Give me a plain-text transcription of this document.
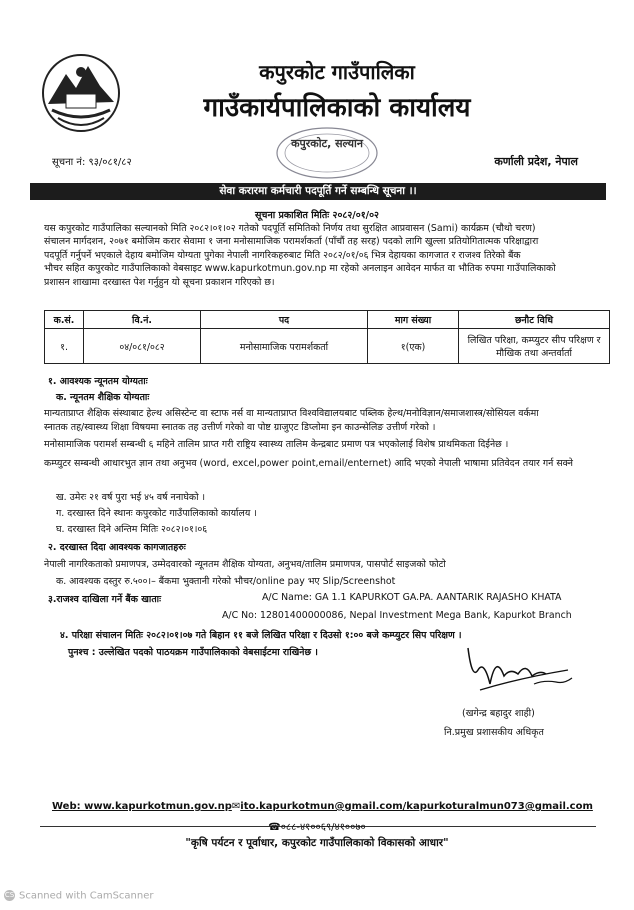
कपुरकोट गाउँपालिका
गाउँकार्यपालिकाको कार्यालय
कपुरकोट, सल्यान
सूचना नं: ९३/०८१/८२	कर्णाली प्रदेश, नेपाल
सेवा करारमा कर्मचारी पदपूर्ति गर्ने सम्बन्धि सूचना ।।
सूचना प्रकाशित मितिः २०८२/०१/०२
यस कपुरकोट गाउँपालिका सल्यानको मिति २०८२।०१।०२ गतेको पदपूर्ति समितिको निर्णय तथा सुरक्षित आप्रवासन (Sami) कार्यक्रम (चौथो चरण)
संचालन मार्गदशन, २०७१ बमोजिम करार सेवामा १ जना मनोसामाजिक परामर्शकर्ता (पाँचौं तह सरह) पदको लागि खुल्ला प्रतियोगितात्मक परिक्षाद्वारा
पदपूर्ति गर्नुपर्ने भएकाले देहाय बमोजिम योग्यता पुगेका नेपाली नागरिकहरुबाट मिति २०८२/०१/०६ भित्र देहायका कागजात र राजश्व तिरेको बैंक
भौचर सहित कपुरकोट गाउँपालिकाको वेबसाइट www.kapurkotmun.gov.np मा रहेको अनलाइन आवेदन मार्फत वा भौतिक रुपमा गाउँपालिकाको
प्रशासन शाखामा दरखास्त पेश गर्नुहुन यो सूचना प्रकाशन गरिएको छ।
क.सं.	वि.नं.	पद	माग संख्या	छनौट विधि
१.	०४/०८१/०८२	मनोसामाजिक परामर्शकर्ता	१(एक)	लिखित परिक्षा, कम्प्युटर सीप परिक्षण र मौखिक तथा अन्तर्वार्ता
१. आवश्यक न्यूनतम योग्यताः
क. न्यूनतम शैक्षिक योग्यताः
मान्यताप्राप्त शैक्षिक संस्थाबाट हेल्थ असिस्टेन्ट वा स्टाफ नर्स वा मान्यताप्राप्त विश्वविद्यालयबाट पब्लिक हेल्थ/मनोविज्ञान/समाजशास्त्र/सोसियल वर्कमा
स्नातक तह/स्वास्थ्य शिक्षा विषयमा स्नातक तह उत्तीर्ण गरेको वा पोष्ट ग्राजुएट डिप्लोमा इन काउन्सेलिङ उत्तीर्ण गरेको ।
मनोसामाजिक परामर्श सम्बन्धी ६ महिने तालिम प्राप्त गरी राष्ट्रिय स्वास्थ्य तालिम केन्द्रबाट प्रमाण पत्र भएकोलाई विशेष प्राथमिकता दिईनेछ ।
कम्प्युटर सम्बन्धी आधारभुत ज्ञान तथा अनुभव (word, excel,power point,email/enternet) आदि भएको नेपाली भाषामा प्रतिवेदन तयार गर्न सक्ने
ख. उमेरः २१ वर्ष पुरा भई ४५ वर्ष ननाघेको ।
ग. दरखास्त दिने स्थानः कपुरकोट गाउँपालिकाको कार्यालय ।
घ. दरखास्त दिने अन्तिम मितिः २०८२।०१।०६
२. दरखास्त दिदा आवश्यक कागजातहरुः
नेपाली नागरिकताको प्रमाणपत्र, उम्मेदवारको न्यूनतम शैक्षिक योग्यता, अनुभव/तालिम प्रमाणपत्र, पासपोर्ट साइजको फोटो
क. आवश्यक दस्तुर रु.५००।– बैंकमा भुक्तानी गरेको भौचर/online pay भए Slip/Screenshot
३.राजश्व दाखिला गर्ने बैंक खाताः	A/C Name: GA 1.1 KAPURKOT GA.PA. AANTARIK RAJASHO KHATA
A/C No: 12801400000086, Nepal Investment Mega Bank, Kapurkot Branch
४. परिक्षा संचालन मितिः २०८२।०१।०७ गते बिहान ११ बजे लिखित परिक्षा र दिउसो १:०० बजे कम्प्युटर सिप परिक्षण ।
पुनश्च : उल्लेखित पदको पाठयक्रम गाउँपालिकाको वेबसाईटमा राखिनेछ ।
(खगेन्द्र बहादुर शाही)
नि.प्रमुख प्रशासकीय अधिकृत
Web: www.kapurkotmun.gov.np✉ito.kapurkotmun@gmail.com/kapurkoturalmun073@gmail.com
☎०८८-४१००६९/४१००७०
"कृषि पर्यटन र पूर्वाधार, कपुरकोट गाउँपालिकाको विकासको आधार"
CS Scanned with CamScanner
